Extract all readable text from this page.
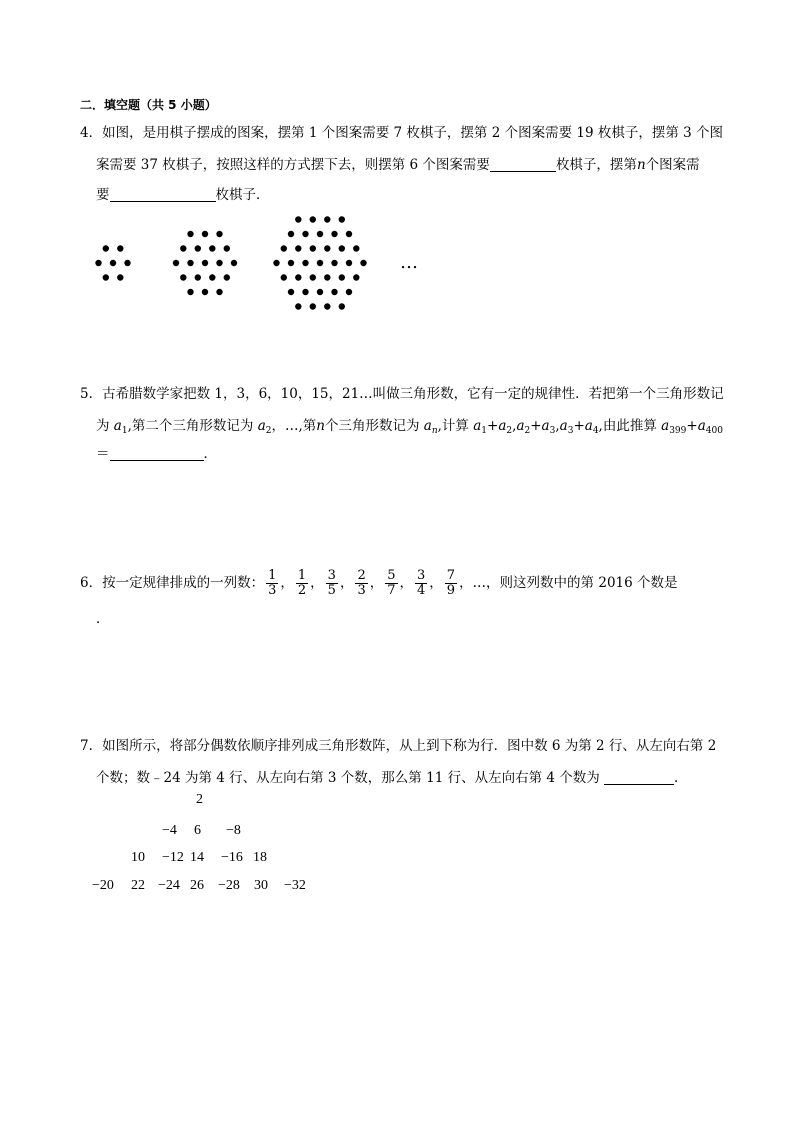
二．填空题（共 5 小题）
4．如图，是用棋子摆成的图案，摆第 1 个图案需要 7 枚棋子，摆第 2 个图案需要 19 枚棋子，摆第 3 个图
案需要 37 枚棋子，按照这样的方式摆下去，则摆第 6 个图案需要	枚棋子，摆第n个图案需
要	枚棋子．
…
5．古希腊数学家把数 1，3，6，10，15，21…叫做三角形数，它有一定的规律性．若把第一个三角形数记
为 $a_1$,第二个三角形数记为 $a_2$，…,第n个三角形数记为 $a_n$,计算 $a_1+a_2,a_2+a_3,a_3+a_4$,由此推算 $a_{399}+a_{400}$
＝	．
6．按一定规律排成的一列数： $\frac{1}{3}$ ， $\frac{1}{2}$ ， $\frac{3}{5}$ ， $\frac{2}{3}$ ， $\frac{5}{7}$ ， $\frac{3}{4}$ ， $\frac{7}{9}$ ，…，则这列数中的第 2016 个数是
．
7．如图所示，将部分偶数依顺序排列成三角形数阵，从上到下称为行．图中数 6 为第 2 行、从左向右第 2
个数；数﹣24 为第 4 行、从左向右第 3 个数，那么第 11 行、从左向右第 4 个数为	．
2
−4 6 −8
10 −12 14 −16 18
−20 22 −24 26 −28 30 −32
